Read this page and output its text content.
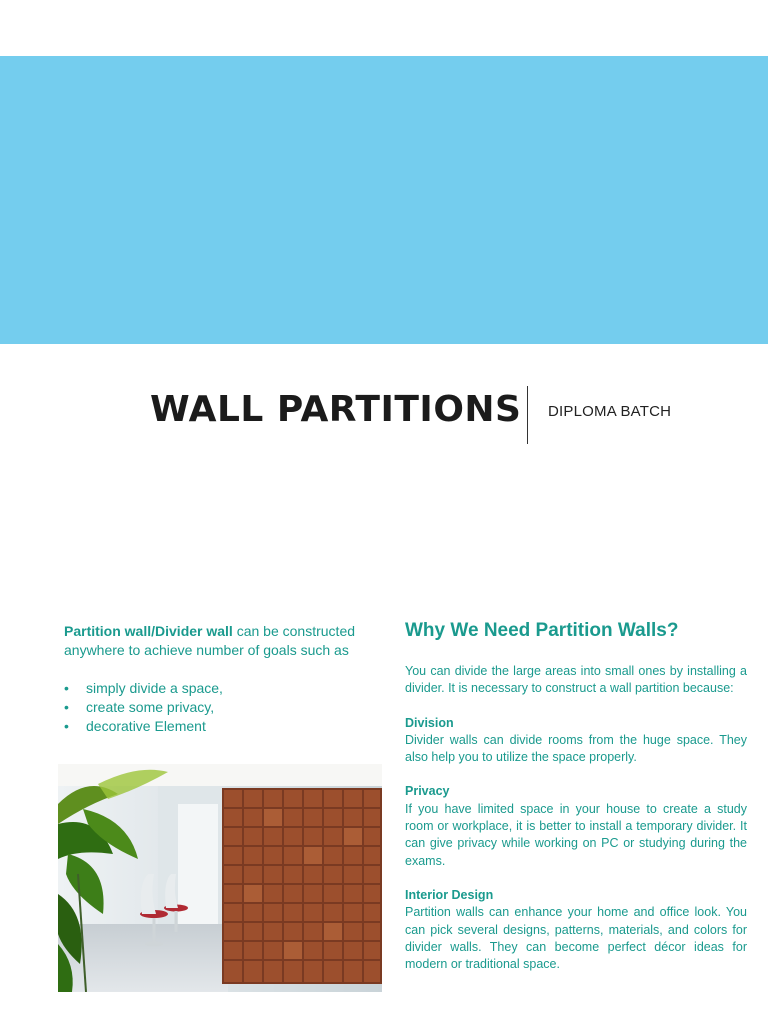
WALL PARTITIONS DIPLOMA BATCH

Partition wall/Divider wall can be constructed anywhere to achieve number of goals such as

• simply divide a space,
• create some privacy,
• decorative Element
Why We Need Partition Walls?

You can divide the large areas into small ones by installing a divider. It is necessary to construct a wall partition because:

Division

Divider walls can divide rooms from the huge space. They also help you to utilize the space properly.

Privacy

If you have limited space in your house to create a study room or workplace, it is better to install a temporary divider. It can give privacy while working on PC or studying during the exams.

Interior Design

Partition walls can enhance your home and office look. You can pick several designs, patterns, materials, and colors for divider walls. They can become perfect décor ideas for modern or traditional space.
